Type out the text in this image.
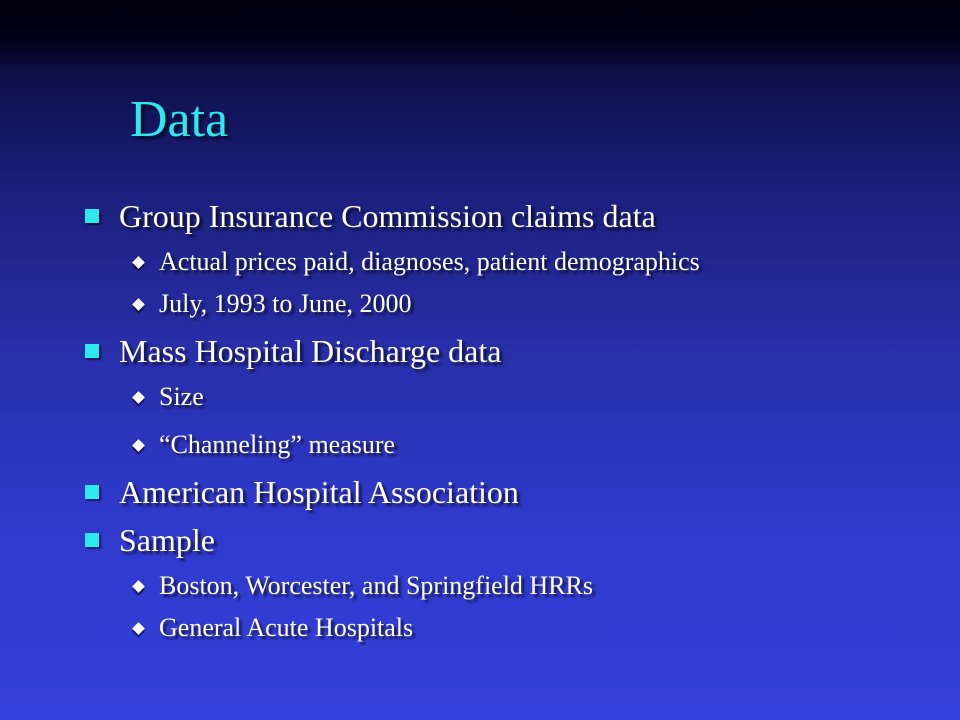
Data
Group Insurance Commission claims data
Actual prices paid, diagnoses, patient demographics
July, 1993 to June, 2000
Mass Hospital Discharge data
Size
“Channeling” measure
American Hospital Association
Sample
Boston, Worcester, and Springfield HRRs
General Acute Hospitals
